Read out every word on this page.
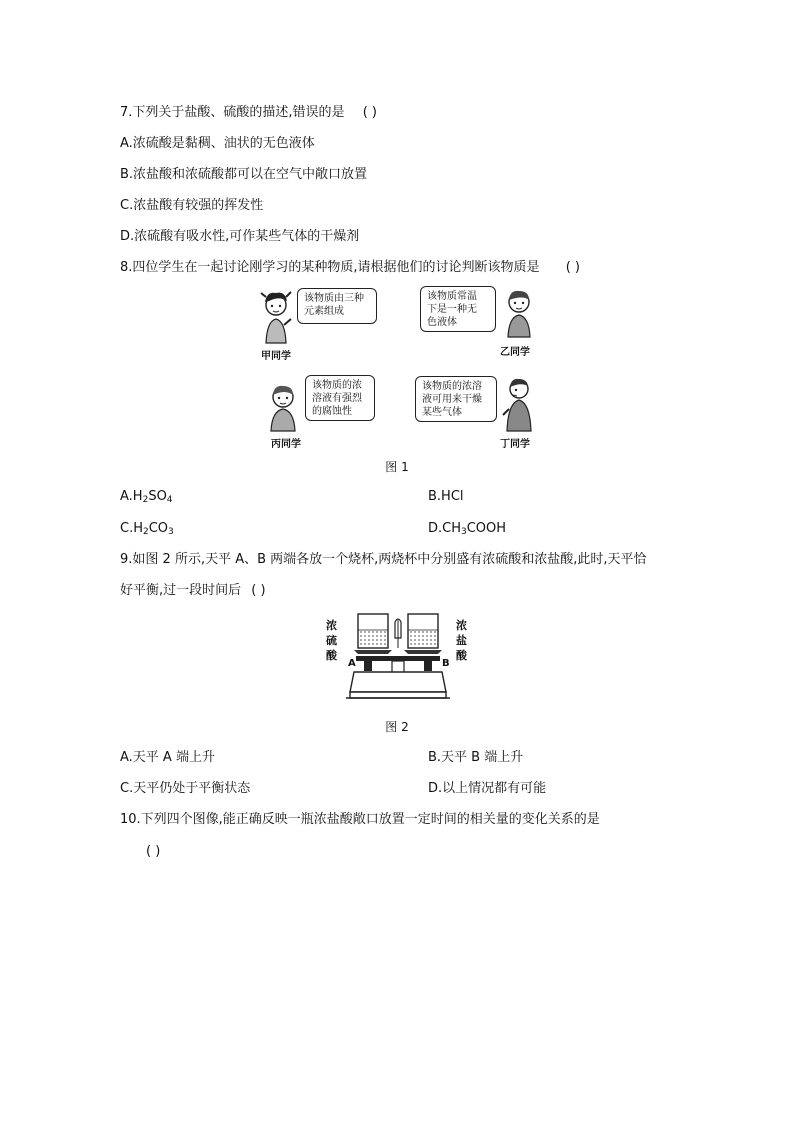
7.下列关于盐酸、硫酸的描述,错误的是 ( )
A.浓硫酸是黏稠、油状的无色液体
B.浓盐酸和浓硫酸都可以在空气中敞口放置
C.浓盐酸有较强的挥发性
D.浓硫酸有吸水性,可作某些气体的干燥剂
8.四位学生在一起讨论刚学习的某种物质,请根据他们的讨论判断该物质是 ( )
该物质由三种
元素组成
甲同学
该物质常温
下是一种无
色液体
乙同学
该物质的浓
溶液有强烈
的腐蚀性
丙同学
该物质的浓溶
液可用来干燥
某些气体
丁同学
图 1
$A.H_2SO_4$	B.HCl
$C.H_2CO_3$	$D.CH_3COOH$
9.如图 2 所示,天平 A、B 两端各放一个烧杯,两烧杯中分别盛有浓硫酸和浓盐酸,此时,天平恰
好平衡,过一段时间后 ( )
浓
硫
酸
浓
盐
酸
A	B
图 2
A.天平 A 端上升	B.天平 B 端上升
C.天平仍处于平衡状态	D.以上情况都有可能
10.下列四个图像,能正确反映一瓶浓盐酸敞口放置一定时间的相关量的变化关系的是
( )
